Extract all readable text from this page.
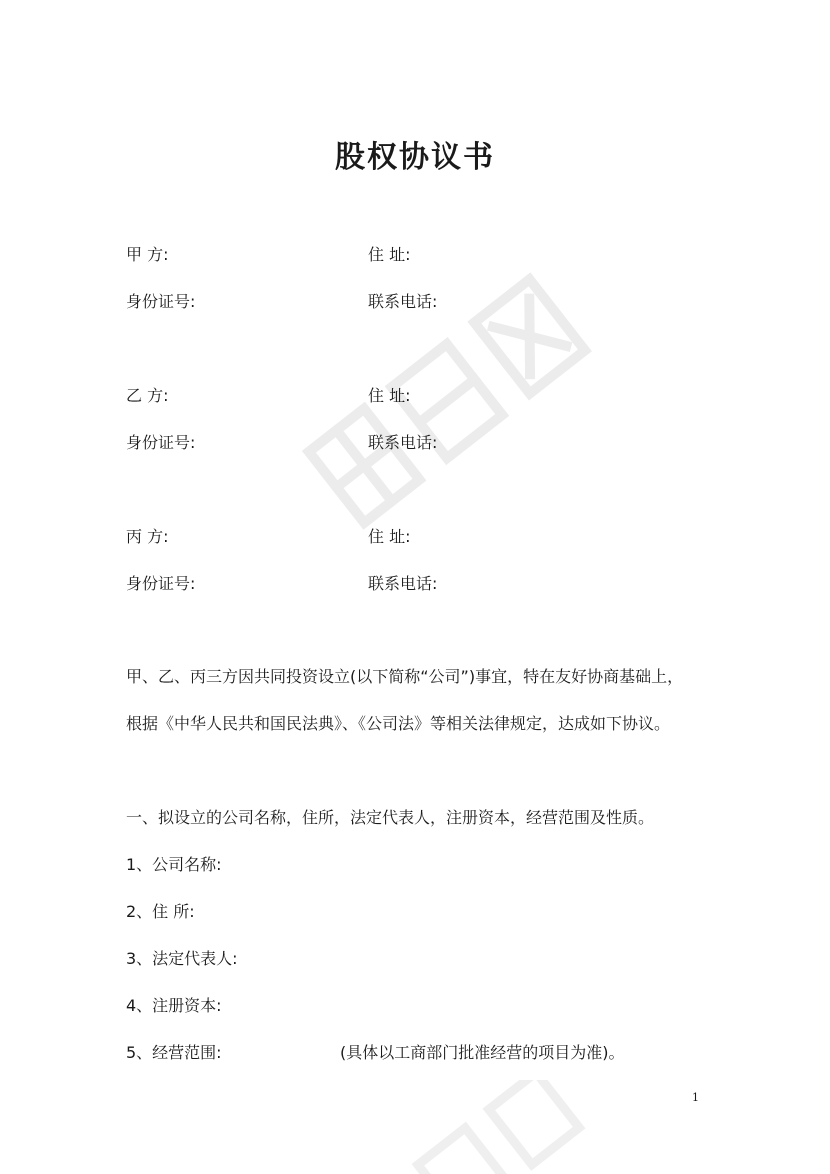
股权协议书
甲 方:	住 址:
身份证号:	联系电话:
乙 方:	住 址:
身份证号:	联系电话:
丙 方:	住 址:
身份证号:	联系电话:
甲、乙、丙三方因共同投资设立(以下简称“公司”)事宜，特在友好协商基础上，
根据《中华人民共和国民法典》、《公司法》等相关法律规定，达成如下协议。
一、拟设立的公司名称，住所，法定代表人，注册资本，经营范围及性质。
1、公司名称:
2、住 所:
3、法定代表人:
4、注册资本:
5、经营范围:	(具体以工商部门批准经营的项目为准)。
1
